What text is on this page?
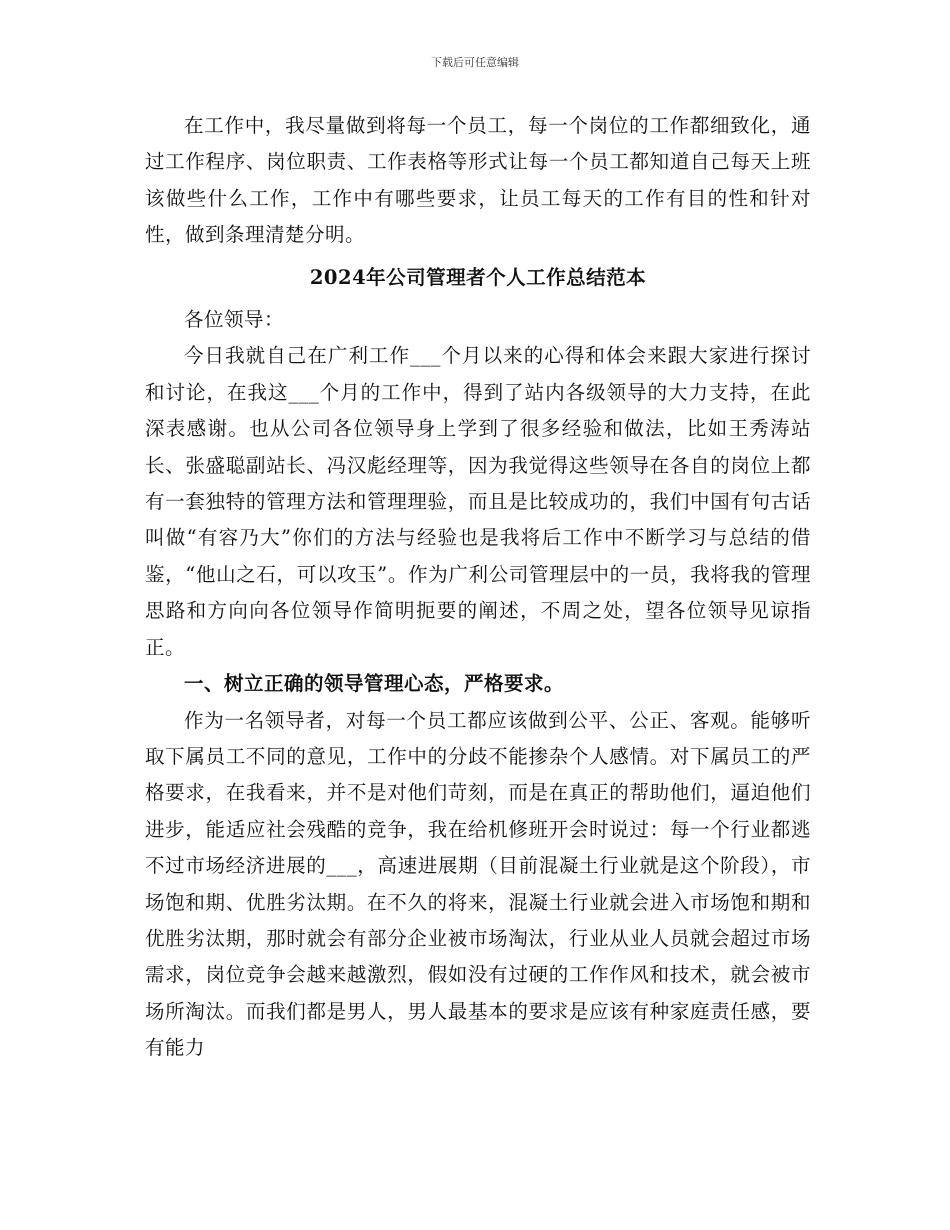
下载后可任意编辑

在工作中，我尽量做到将每一个员工，每一个岗位的工作都细致化，通过工作程序、岗位职责、工作表格等形式让每一个员工都知道自己每天上班该做些什么工作，工作中有哪些要求，让员工每天的工作有目的性和针对性，做到条理清楚分明。

2024年公司管理者个人工作总结范本

各位领导：

今日我就自己在广利工作___个月以来的心得和体会来跟大家进行探讨和讨论，在我这___个月的工作中，得到了站内各级领导的大力支持，在此深表感谢。也从公司各位领导身上学到了很多经验和做法，比如王秀涛站长、张盛聪副站长、冯汉彪经理等，因为我觉得这些领导在各自的岗位上都有一套独特的管理方法和管理理验，而且是比较成功的，我们中国有句古话叫做“有容乃大”你们的方法与经验也是我将后工作中不断学习与总结的借鉴，“他山之石，可以攻玉”。作为广利公司管理层中的一员，我将我的管理思路和方向向各位领导作简明扼要的阐述，不周之处，望各位领导见谅指正。

一、树立正确的领导管理心态，严格要求。

作为一名领导者，对每一个员工都应该做到公平、公正、客观。能够听取下属员工不同的意见，工作中的分歧不能掺杂个人感情。对下属员工的严格要求，在我看来，并不是对他们苛刻，而是在真正的帮助他们，逼迫他们进步，能适应社会残酷的竞争，我在给机修班开会时说过：每一个行业都逃不过市场经济进展的___，高速进展期（目前混凝土行业就是这个阶段），市场饱和期、优胜劣汰期。在不久的将来，混凝土行业就会进入市场饱和期和优胜劣汰期，那时就会有部分企业被市场淘汰，行业从业人员就会超过市场需求，岗位竞争会越来越激烈，假如没有过硬的工作作风和技术，就会被市场所淘汰。而我们都是男人，男人最基本的要求是应该有种家庭责任感，要有能力
